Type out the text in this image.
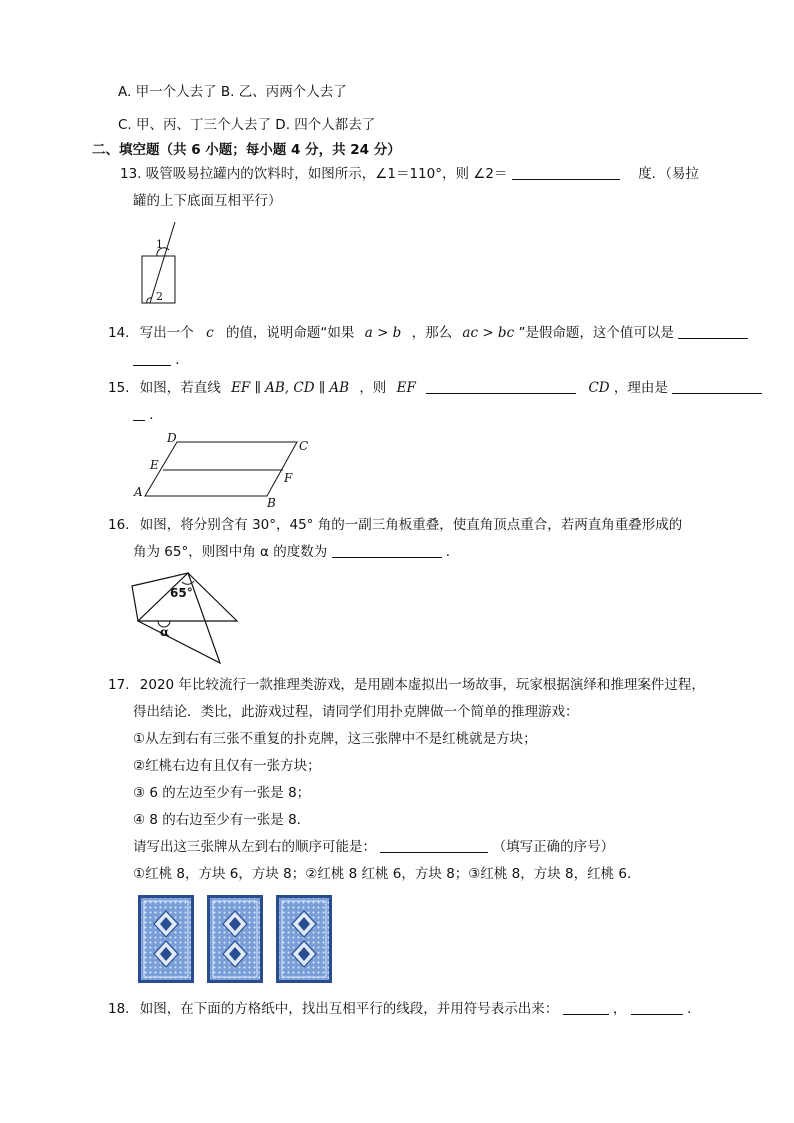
A. 甲一个人去了 B. 乙、丙两个人去了
C. 甲、丙、丁三个人去了 D. 四个人都去了
二、填空题（共 6 小题；每小题 4 分，共 24 分）
13. 吸管吸易拉罐内的饮料时，如图所示，∠1＝110°，则 ∠2＝	度．（易拉
罐的上下底面互相平行）
1
2
14. 写出一个 c 的值，说明命题“如果 a > b ，那么 ac > bc ”是假命题，这个值可以是
.
15. 如图，若直线 EF ∥ AB, CD ∥ AB ，则 EF	CD ，理由是
.
D
C
E
F
A
B
16. 如图，将分别含有 30°，45° 角的一副三角板重叠，使直角顶点重合，若两直角重叠形成的
角为 65°，则图中角 α 的度数为	．
65°
α
17. 2020 年比较流行一款推理类游戏，是用剧本虚拟出一场故事，玩家根据演绎和推理案件过程，
得出结论．类比，此游戏过程，请同学们用扑克牌做一个简单的推理游戏：
①从左到右有三张不重复的扑克牌，这三张牌中不是红桃就是方块；
②红桃右边有且仅有一张方块；
③ 6 的左边至少有一张是 8；
④ 8 的右边至少有一张是 8．
请写出这三张牌从左到右的顺序可能是：	（填写正确的序号）
①红桃 8，方块 6，方块 8；②红桃 8 红桃 6，方块 8；③红桃 8，方块 8，红桃 6．
18. 如图，在下面的方格纸中，找出互相平行的线段，并用符号表示出来：	，	.
